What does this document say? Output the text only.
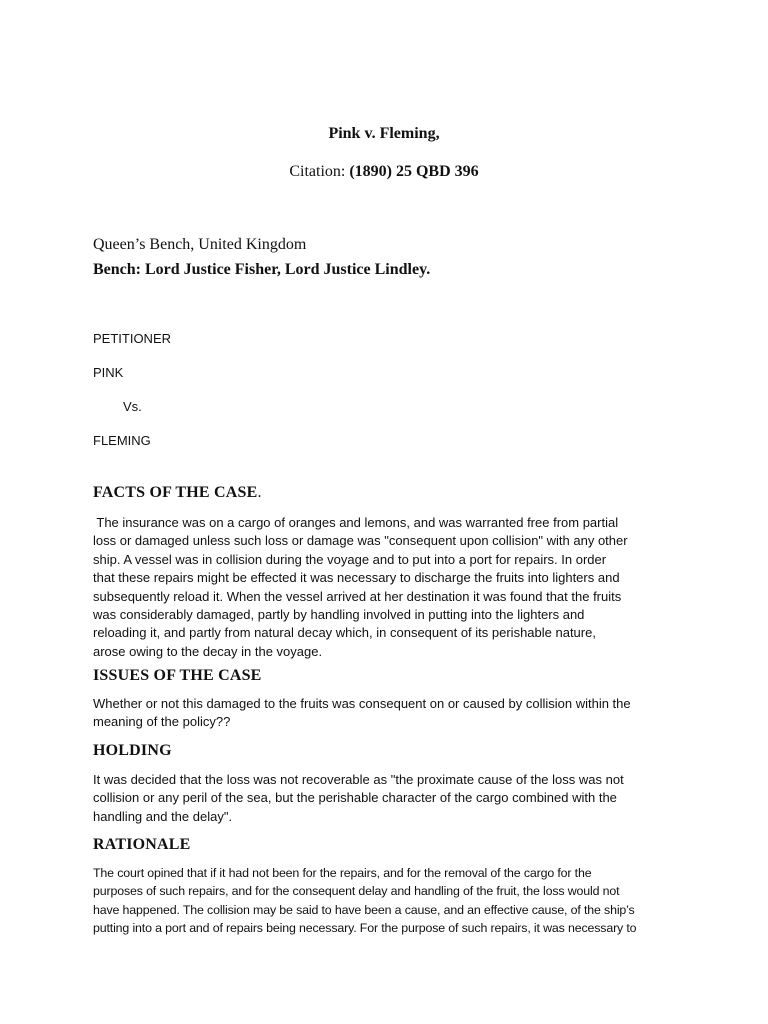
Pink v. Fleming,
Citation: (1890) 25 QBD 396
Queen’s Bench, United Kingdom
Bench: Lord Justice Fisher, Lord Justice Lindley.
PETITIONER
PINK
Vs.
FLEMING
FACTS OF THE CASE.
The insurance was on a cargo of oranges and lemons, and was warranted free from partial
loss or damaged unless such loss or damage was "consequent upon collision" with any other
ship. A vessel was in collision during the voyage and to put into a port for repairs. In order
that these repairs might be effected it was necessary to discharge the fruits into lighters and
subsequently reload it. When the vessel arrived at her destination it was found that the fruits
was considerably damaged, partly by handling involved in putting into the lighters and
reloading it, and partly from natural decay which, in consequent of its perishable nature,
arose owing to the decay in the voyage.
ISSUES OF THE CASE
Whether or not this damaged to the fruits was consequent on or caused by collision within the
meaning of the policy??
HOLDING
It was decided that the loss was not recoverable as "the proximate cause of the loss was not
collision or any peril of the sea, but the perishable character of the cargo combined with the
handling and the delay".
RATIONALE
The court opined that if it had not been for the repairs, and for the removal of the cargo for the
purposes of such repairs, and for the consequent delay and handling of the fruit, the loss would not
have happened. The collision may be said to have been a cause, and an effective cause, of the ship’s
putting into a port and of repairs being necessary. For the purpose of such repairs, it was necessary to
